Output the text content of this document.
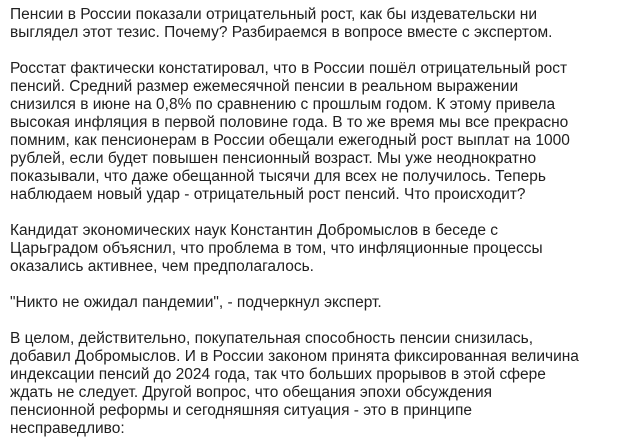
Пенсии в России показали отрицательный рост, как бы издевательски ни
выглядел этот тезис. Почему? Разбираемся в вопросе вместе с экспертом.

Росстат фактически констатировал, что в России пошёл отрицательный рост
пенсий. Средний размер ежемесячной пенсии в реальном выражении
снизился в июне на 0,8% по сравнению с прошлым годом. К этому привела
высокая инфляция в первой половине года. В то же время мы все прекрасно
помним, как пенсионерам в России обещали ежегодный рост выплат на 1000
рублей, если будет повышен пенсионный возраст. Мы уже неоднократно
показывали, что даже обещанной тысячи для всех не получилось. Теперь
наблюдаем новый удар - отрицательный рост пенсий. Что происходит?

Кандидат экономических наук Константин Добромыслов в беседе с
Царьградом объяснил, что проблема в том, что инфляционные процессы
оказались активнее, чем предполагалось.

"Никто не ожидал пандемии", - подчеркнул эксперт.

В целом, действительно, покупательная способность пенсии снизилась,
добавил Добромыслов. И в России законом принята фиксированная величина
индексации пенсий до 2024 года, так что больших прорывов в этой сфере
ждать не следует. Другой вопрос, что обещания эпохи обсуждения
пенсионной реформы и сегодняшняя ситуация - это в принципе
несправедливо:
